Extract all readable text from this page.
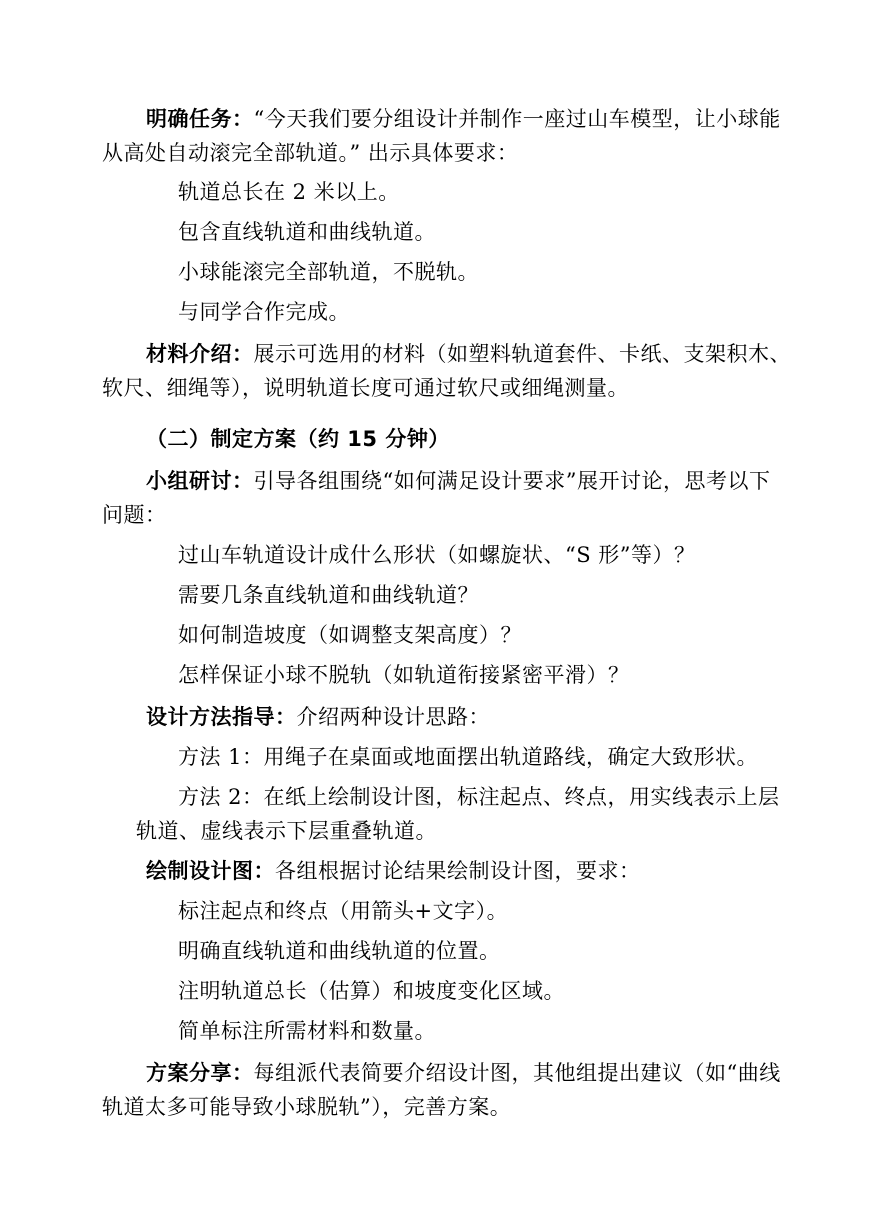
明确任务：“今天我们要分组设计并制作一座过山车模型，让小球能
从高处自动滚完全部轨道。” 出示具体要求：
轨道总长在 2 米以上。
包含直线轨道和曲线轨道。
小球能滚完全部轨道，不脱轨。
与同学合作完成。
材料介绍：展示可选用的材料（如塑料轨道套件、卡纸、支架积木、
软尺、细绳等），说明轨道长度可通过软尺或细绳测量。
（二）制定方案（约 15 分钟）
小组研讨：引导各组围绕“如何满足设计要求”展开讨论，思考以下
问题：
过山车轨道设计成什么形状（如螺旋状、“S 形”等）？
需要几条直线轨道和曲线轨道？
如何制造坡度（如调整支架高度）？
怎样保证小球不脱轨（如轨道衔接紧密平滑）？
设计方法指导：介绍两种设计思路：
方法 1：用绳子在桌面或地面摆出轨道路线，确定大致形状。
方法 2：在纸上绘制设计图，标注起点、终点，用实线表示上层
轨道、虚线表示下层重叠轨道。
绘制设计图：各组根据讨论结果绘制设计图，要求：
标注起点和终点（用箭头+文字）。
明确直线轨道和曲线轨道的位置。
注明轨道总长（估算）和坡度变化区域。
简单标注所需材料和数量。
方案分享：每组派代表简要介绍设计图，其他组提出建议（如“曲线
轨道太多可能导致小球脱轨”），完善方案。
